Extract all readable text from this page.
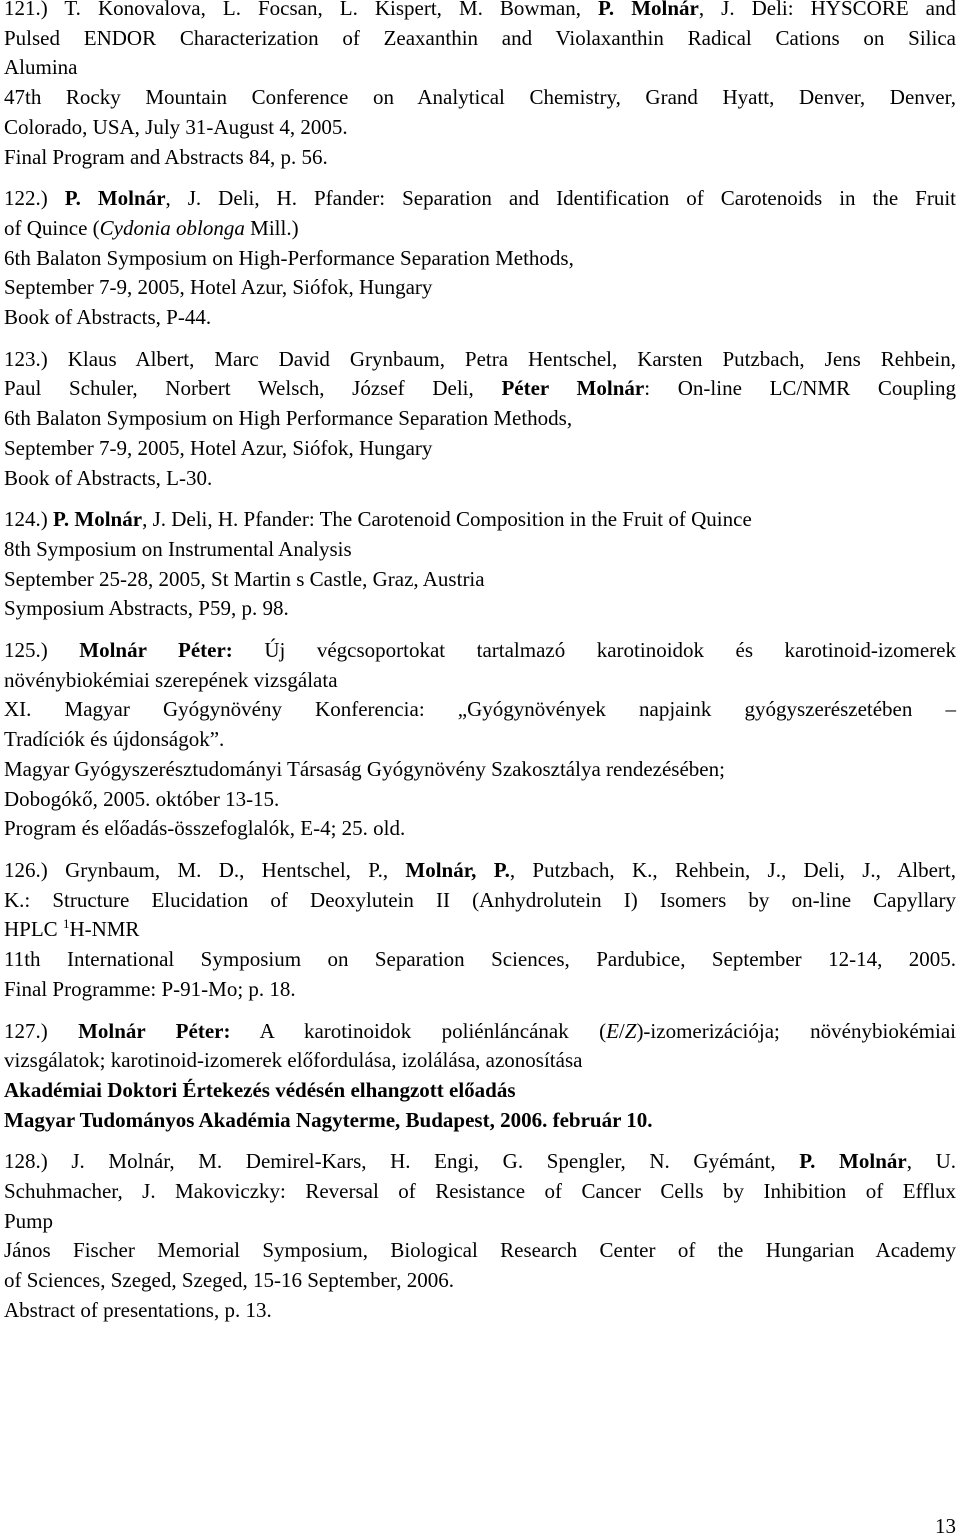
121.) T. Konovalova, L. Focsan, L. Kispert, M. Bowman, P. Molnár, J. Deli: HYSCORE and
Pulsed ENDOR Characterization of Zeaxanthin and Violaxanthin Radical Cations on Silica
Alumina
47th Rocky Mountain Conference on Analytical Chemistry, Grand Hyatt, Denver, Denver,
Colorado, USA, July 31-August 4, 2005.
Final Program and Abstracts 84, p. 56.
122.) P. Molnár, J. Deli, H. Pfander: Separation and Identification of Carotenoids in the Fruit
of Quince (Cydonia oblonga Mill.)
6th Balaton Symposium on High-Performance Separation Methods,
September 7-9, 2005, Hotel Azur, Siófok, Hungary
Book of Abstracts, P-44.
123.) Klaus Albert, Marc David Grynbaum, Petra Hentschel, Karsten Putzbach, Jens Rehbein,
Paul Schuler, Norbert Welsch, József Deli, Péter Molnár: On-line LC/NMR Coupling
6th Balaton Symposium on High Performance Separation Methods,
September 7-9, 2005, Hotel Azur, Siófok, Hungary
Book of Abstracts, L-30.
124.) P. Molnár, J. Deli, H. Pfander: The Carotenoid Composition in the Fruit of Quince
8th Symposium on Instrumental Analysis
September 25-28, 2005, St Martin s Castle, Graz, Austria
Symposium Abstracts, P59, p. 98.
125.) Molnár Péter: Új végcsoportokat tartalmazó karotinoidok és karotinoid-izomerek
növénybiokémiai szerepének vizsgálata
XI. Magyar Gyógynövény Konferencia: „Gyógynövények napjaink gyógyszerészetében –
Tradíciók és újdonságok”.
Magyar Gyógyszerésztudományi Társaság Gyógynövény Szakosztálya rendezésében;
Dobogókő, 2005. október 13-15.
Program és előadás-összefoglalók, E-4; 25. old.
126.) Grynbaum, M. D., Hentschel, P., Molnár, P., Putzbach, K., Rehbein, J., Deli, J., Albert,
K.: Structure Elucidation of Deoxylutein II (Anhydrolutein I) Isomers by on-line Capyllary
HPLC $^1$H-NMR
11th International Symposium on Separation Sciences, Pardubice, September 12-14, 2005.
Final Programme: P-91-Mo; p. 18.
127.) Molnár Péter: A karotinoidok poliénláncának (E/Z)-izomerizációja; növénybiokémiai
vizsgálatok; karotinoid-izomerek előfordulása, izolálása, azonosítása
Akadémiai Doktori Értekezés védésén elhangzott előadás
Magyar Tudományos Akadémia Nagyterme, Budapest, 2006. február 10.
128.) J. Molnár, M. Demirel-Kars, H. Engi, G. Spengler, N. Gyémánt, P. Molnár, U.
Schuhmacher, J. Makoviczky: Reversal of Resistance of Cancer Cells by Inhibition of Efflux
Pump
János Fischer Memorial Symposium, Biological Research Center of the Hungarian Academy
of Sciences, Szeged, Szeged, 15-16 September, 2006.
Abstract of presentations, p. 13.
13
